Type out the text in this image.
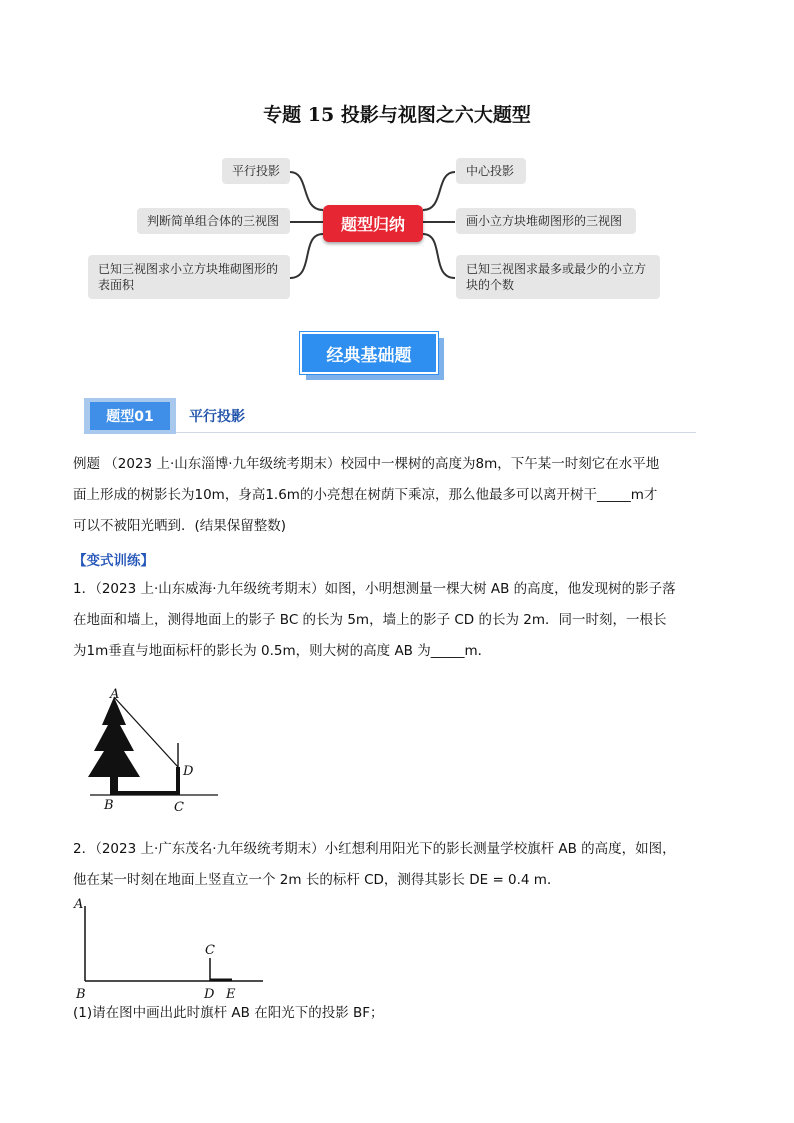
专题 15 投影与视图之六大题型
平行投影
判断简单组合体的三视图
已知三视图求小立方块堆砌图形的表面积
题型归纳
中心投影
画小立方块堆砌图形的三视图
已知三视图求最多或最少的小立方块的个数
经典基础题
题型01	平行投影
例题 （2023 上·山东淄博·九年级统考期末）校园中一棵树的高度为8m，下午某一时刻它在水平地
面上形成的树影长为10m，身高1.6m的小亮想在树荫下乘凉，那么他最多可以离开树干_____m才
可以不被阳光晒到．(结果保留整数)
【变式训练】
1．（2023 上·山东威海·九年级统考期末）如图，小明想测量一棵大树 AB 的高度，他发现树的影子落
在地面和墙上，测得地面上的影子 BC 的长为 5m，墙上的影子 CD 的长为 2m．同一时刻，一根长
为1m垂直与地面标杆的影长为 0.5m，则大树的高度 AB 为_____m．
A
B	C
D
2．（2023 上·广东茂名·九年级统考期末）小红想利用阳光下的影长测量学校旗杆 AB 的高度，如图，
他在某一时刻在地面上竖直立一个 2m 长的标杆 CD，测得其影长 DE = 0.4 m．
A
B
C
D E
(1)请在图中画出此时旗杆 AB 在阳光下的投影 BF；
